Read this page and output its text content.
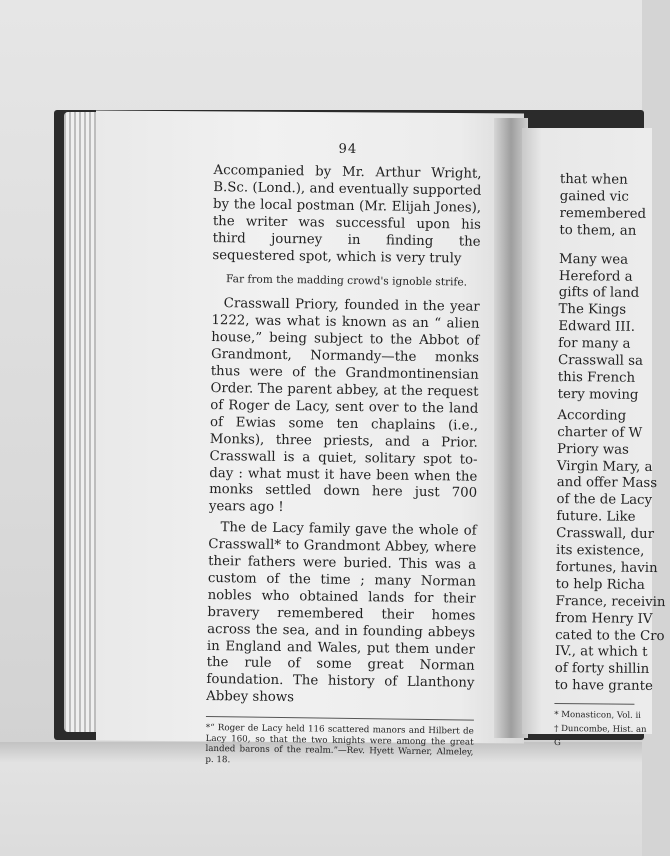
94

Accompanied by Mr. Arthur Wright, B.Sc. (Lond.), and eventually supported by the local postman (Mr. Elijah Jones), the writer was successful upon his third journey in finding the sequestered spot, which is very truly

Far from the madding crowd's ignoble strife.

Crasswall Priory, founded in the year 1222, was what is known as an “ alien house,” being subject to the Abbot of Grandmont, Normandy—the monks thus were of the Grandmontinensian Order. The parent abbey, at the request of Roger de Lacy, sent over to the land of Ewias some ten chaplains (i.e., Monks), three priests, and a Prior. Crasswall is a quiet, solitary spot to-day : what must it have been when the monks settled down here just 700 years ago !

The de Lacy family gave the whole of Crasswall* to Grandmont Abbey, where their fathers were buried. This was a custom of the time ; many Norman nobles who obtained lands for their bravery remembered their homes across the sea, and in founding abbeys in England and Wales, put them under the rule of some great Norman foundation. The history of Llanthony Abbey shows

*“ Roger de Lacy held 116 scattered manors and Hilbert de Lacy 160, so that the two knights were among the great landed barons of the realm.”—Rev. Hyett Warner, Almeley, p. 18.
that when
gained vic
remembered
to them, an
Many wea
Hereford a
gifts of land
The Kings
Edward III.
for many a
Crasswall sa
this French
tery moving
According
charter of W
Priory was
Virgin Mary, a
and offer Mass
of the de Lacy
future. Like
Crasswall, dur
its existence,
fortunes, havin
to help Richa
France, receivin
from Henry IV
cated to the Cro
IV., at which t
of forty shillin
to have grante
* Monasticon, Vol. ii
† Duncombe, Hist. an
G
